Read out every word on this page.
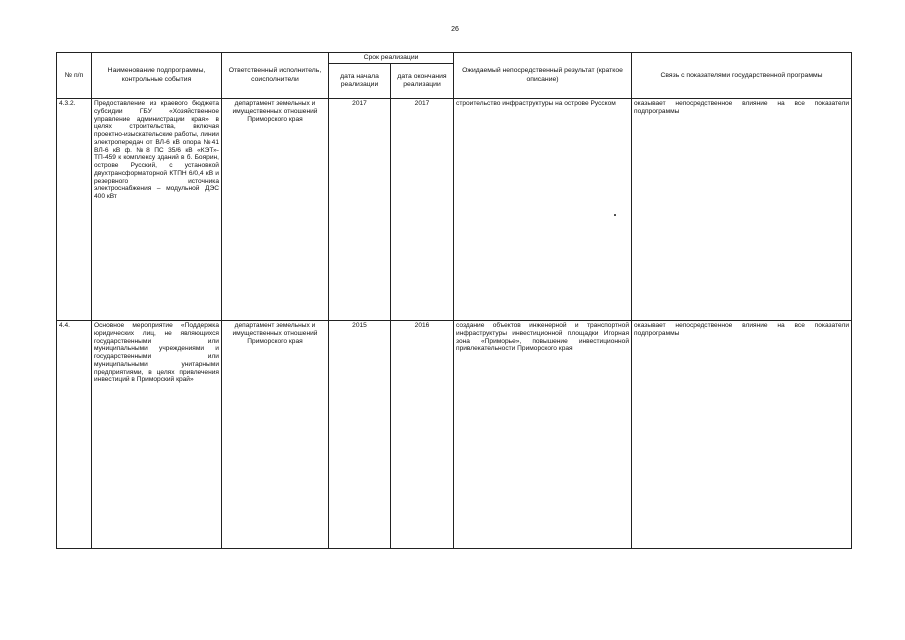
26
№ п/п	Наименование подпрограммы, контрольные события	Ответственный исполнитель, соисполнители	Срок реализации		Ожидаемый непосредственный результат (краткое описание)	Связь с показателями государственной программы
			дата начала реализации	дата окончания реализации		
4.3.2.	Предоставление из краевого бюджета субсидии ГБУ «Хозяйственное управление администрации края» в целях строительства, включая проектно-изыскательские работы, линии электропередач от ВЛ-6 кВ опора №41 ВЛ-6 кВ ф. №8 ПС 35/6 кВ «КЭТ»-ТП-459 к комплексу зданий в б. Боярин, острове Русский, с установкой двухтрансформаторной КТПН 6/0,4 кВ и резервного источника электроснабжения – модульной ДЭС 400 кВт	департамент земельных и имущественных отношений Приморского края	2017	2017	строительство инфраструктуры на острове Русском	оказывает непосредственное влияние на все показатели подпрограммы
4.4.	Основное мероприятие «Поддержка юридических лиц, не являющихся государственными или муниципальными учреждениями и государственными или муниципальными унитарными предприятиями, в целях привлечения инвестиций в Приморский край»	департамент земельных и имущественных отношений Приморского края	2015	2016	создание объектов инженерной и транспортной инфраструктуры инвестиционной площадки Игорная зона «Приморье», повышение инвестиционной привлекательности Приморского края	оказывает непосредственное влияние на все показатели подпрограммы
